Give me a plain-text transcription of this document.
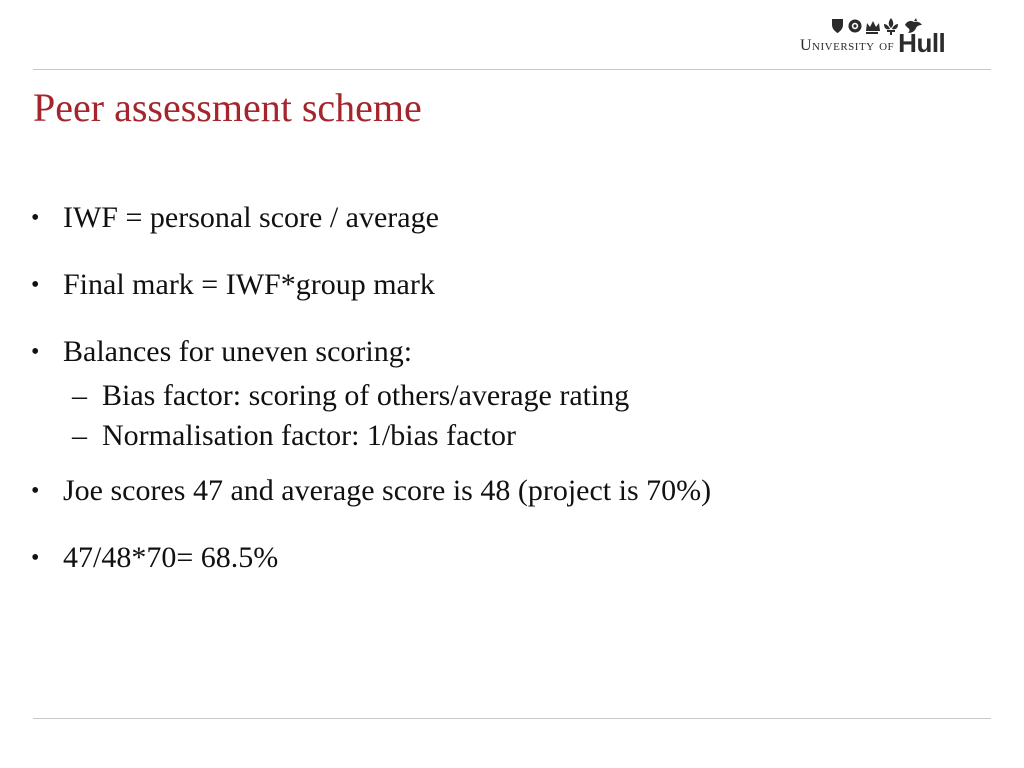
University of Hull
Peer assessment scheme
• IWF = personal score / average
• Final mark = IWF*group mark
• Balances for uneven scoring:
– Bias factor: scoring of others/average rating
– Normalisation factor: 1/bias factor
• Joe scores 47 and average score is 48 (project is 70%)
• 47/48*70= 68.5%
